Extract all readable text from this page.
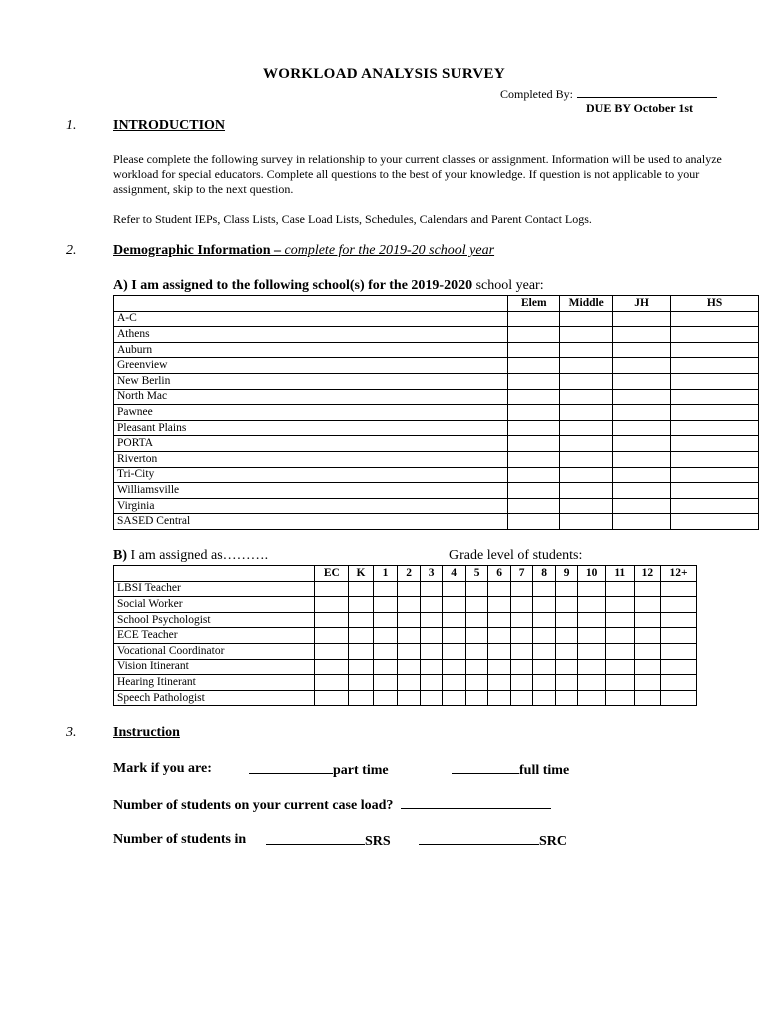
WORKLOAD ANALYSIS SURVEY
Completed By:
DUE BY October 1st
1.	INTRODUCTION
Please complete the following survey in relationship to your current classes or assignment. Information will be used to analyze workload for special educators. Complete all questions to the best of your knowledge. If question is not applicable to your assignment, skip to the next question.
Refer to Student IEPs, Class Lists, Case Load Lists, Schedules, Calendars and Parent Contact Logs.
2.	Demographic Information – complete for the 2019-20 school year
A) I am assigned to the following school(s) for the 2019-2020 school year:
	Elem	Middle	JH	HS
A-C				
Athens				
Auburn				
Greenview				
New Berlin				
North Mac				
Pawnee				
Pleasant Plains				
PORTA				
Riverton				
Tri-City				
Williamsville				
Virginia				
SASED Central				
B) I am assigned as……….	Grade level of students:
	EC	K	1	2	3	4	5	6	7	8	9	10	11	12	12+
LBSI Teacher															
Social Worker															
School Psychologist															
ECE Teacher															
Vocational Coordinator															
Vision Itinerant															
Hearing Itinerant															
Speech Pathologist															
3.	Instruction
Mark if you are:	part time	full time
Number of students on your current case load?
Number of students in	SRS	SRC
